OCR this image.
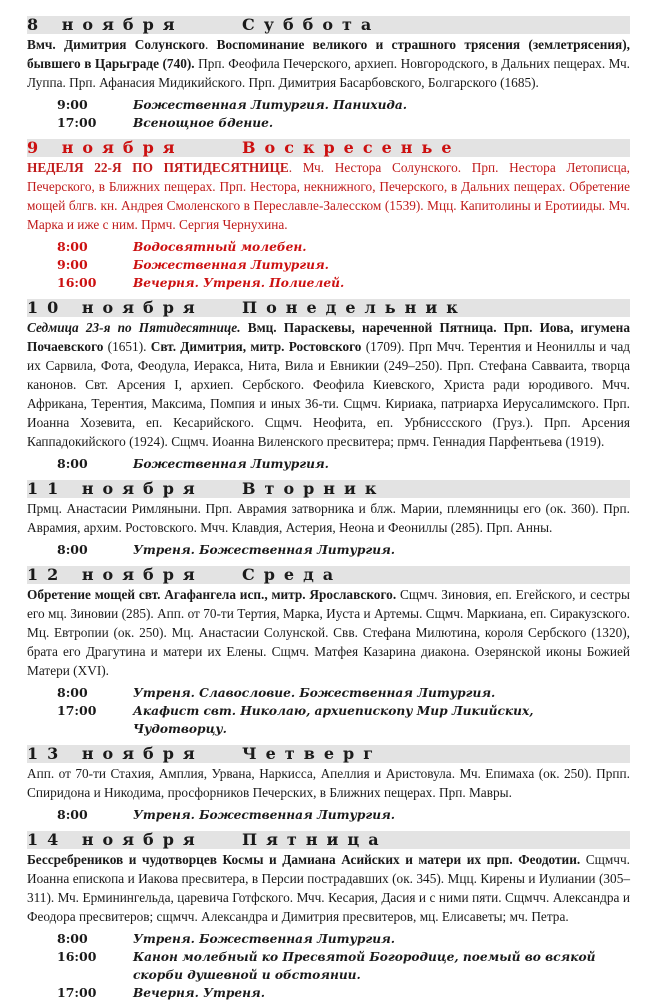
8 ноября	Суббота

Вмч. Димитрия Солунского. Воспоминание великого и страшного трясения (землетрясения), бывшего в Царьграде (740). Прп. Феофила Печерского, архиеп. Новгородского, в Дальних пещерах. Мч. Луппа. Прп. Афанасия Мидикийского. Прп. Димитрия Басарбовского, Болгарского (1685).

9:00	Божественная Литургия. Панихида.
17:00	Всенощное бдение.
9 ноября	Воскресенье

НЕДЕЛЯ 22-Я ПО ПЯТИДЕСЯТНИЦЕ. Мч. Нестора Солунского. Прп. Нестора Летописца, Печерского, в Ближних пещерах. Прп. Нестора, некнижного, Печерского, в Дальних пещерах. Обретение мощей блгв. кн. Андрея Смоленского в Переславле-Залесском (1539). Мцц. Капитолины и Еротииды. Мч. Марка и иже с ним. Прмч. Сергия Чернухина.

8:00	Водосвятный молебен.
9:00	Божественная Литургия.
16:00	Вечерня. Утреня. Полиелей.
10 ноября Понедельник

Седмица 23-я по Пятидесятнице. Вмц. Параскевы, нареченной Пятница. Прп. Иова, игумена Почаевского (1651). Свт. Димитрия, митр. Ростовского (1709). Прп Мчч. Терентия и Неониллы и чад их Сарвила, Фота, Феодула, Иеракса, Нита, Вила и Евникии (249–250). Прп. Стефана Савваита, творца канонов. Свт. Арсения I, архиеп. Сербского. Феофила Киевского, Христа ради юродивого. Мчч. Африкана, Терентия, Максима, Помпия и иных 36-ти. Сщмч. Кириака, патриарха Иерусалимского. Прп. Иоанна Хозевита, еп. Кесарийского. Сщмч. Неофита, еп. Урбниссского (Груз.). Прп. Арсения Каппадокийского (1924). Сщмч. Иоанна Виленского пресвитера; прмч. Геннадия Парфентьева (1919).

8:00	Божественная Литургия.
11 ноября Вторник

Прмц. Анастасии Римляныни. Прп. Аврамия затворника и блж. Марии, племянницы его (ок. 360). Прп. Аврамия, архим. Ростовского. Мчч. Клавдия, Астерия, Неона и Феониллы (285). Прп. Анны.

8:00	Утреня. Божественная Литургия.
12 ноября Среда

Обретение мощей свт. Агафангела исп., митр. Ярославского. Сщмч. Зиновия, еп. Егейского, и сестры его мц. Зиновии (285). Апп. от 70-ти Тертия, Марка, Иуста и Артемы. Сщмч. Маркиана, еп. Сиракузского. Мц. Евтропии (ок. 250). Мц. Анастасии Солунской. Свв. Стефана Милютина, короля Сербского (1320), брата его Драгутина и матери их Елены. Сщмч. Матфея Казарина диакона. Озерянской иконы Божией Матери (XVI).

8:00	Утреня. Славословие. Божественная Литургия.
17:00	Акафист свт. Николаю, архиепископу Мир Ликийских, Чудотворцу.
13 ноября Четверг

Апп. от 70-ти Стахия, Амплия, Урвана, Наркисса, Апеллия и Аристовула. Мч. Епимаха (ок. 250). Прпп. Спиридона и Никодима, просфорников Печерских, в Ближних пещерах. Прп. Мавры.

8:00	Утреня. Божественная Литургия.
14 ноября Пятница

Бессребреников и чудотворцев Космы и Дамиана Асийских и матери их прп. Феодотии. Сщмчч. Иоанна епископа и Иакова пресвитера, в Персии пострадавших (ок. 345). Мцц. Кирены и Иулиании (305–311). Мч. Ерминингельда, царевича Готфского. Мчч. Кесария, Дасия и с ними пяти. Сщмчч. Александра и Феодора пресвитеров; сщмчч. Александра и Димитрия пресвитеров, мц. Елисаветы; мч. Петра.

8:00	Утреня. Божественная Литургия.
16:00	Канон молебный ко Пресвятой Богородице, поемый во всякой скорби душевной и обстоянии.
17:00	Вечерня. Утреня.
